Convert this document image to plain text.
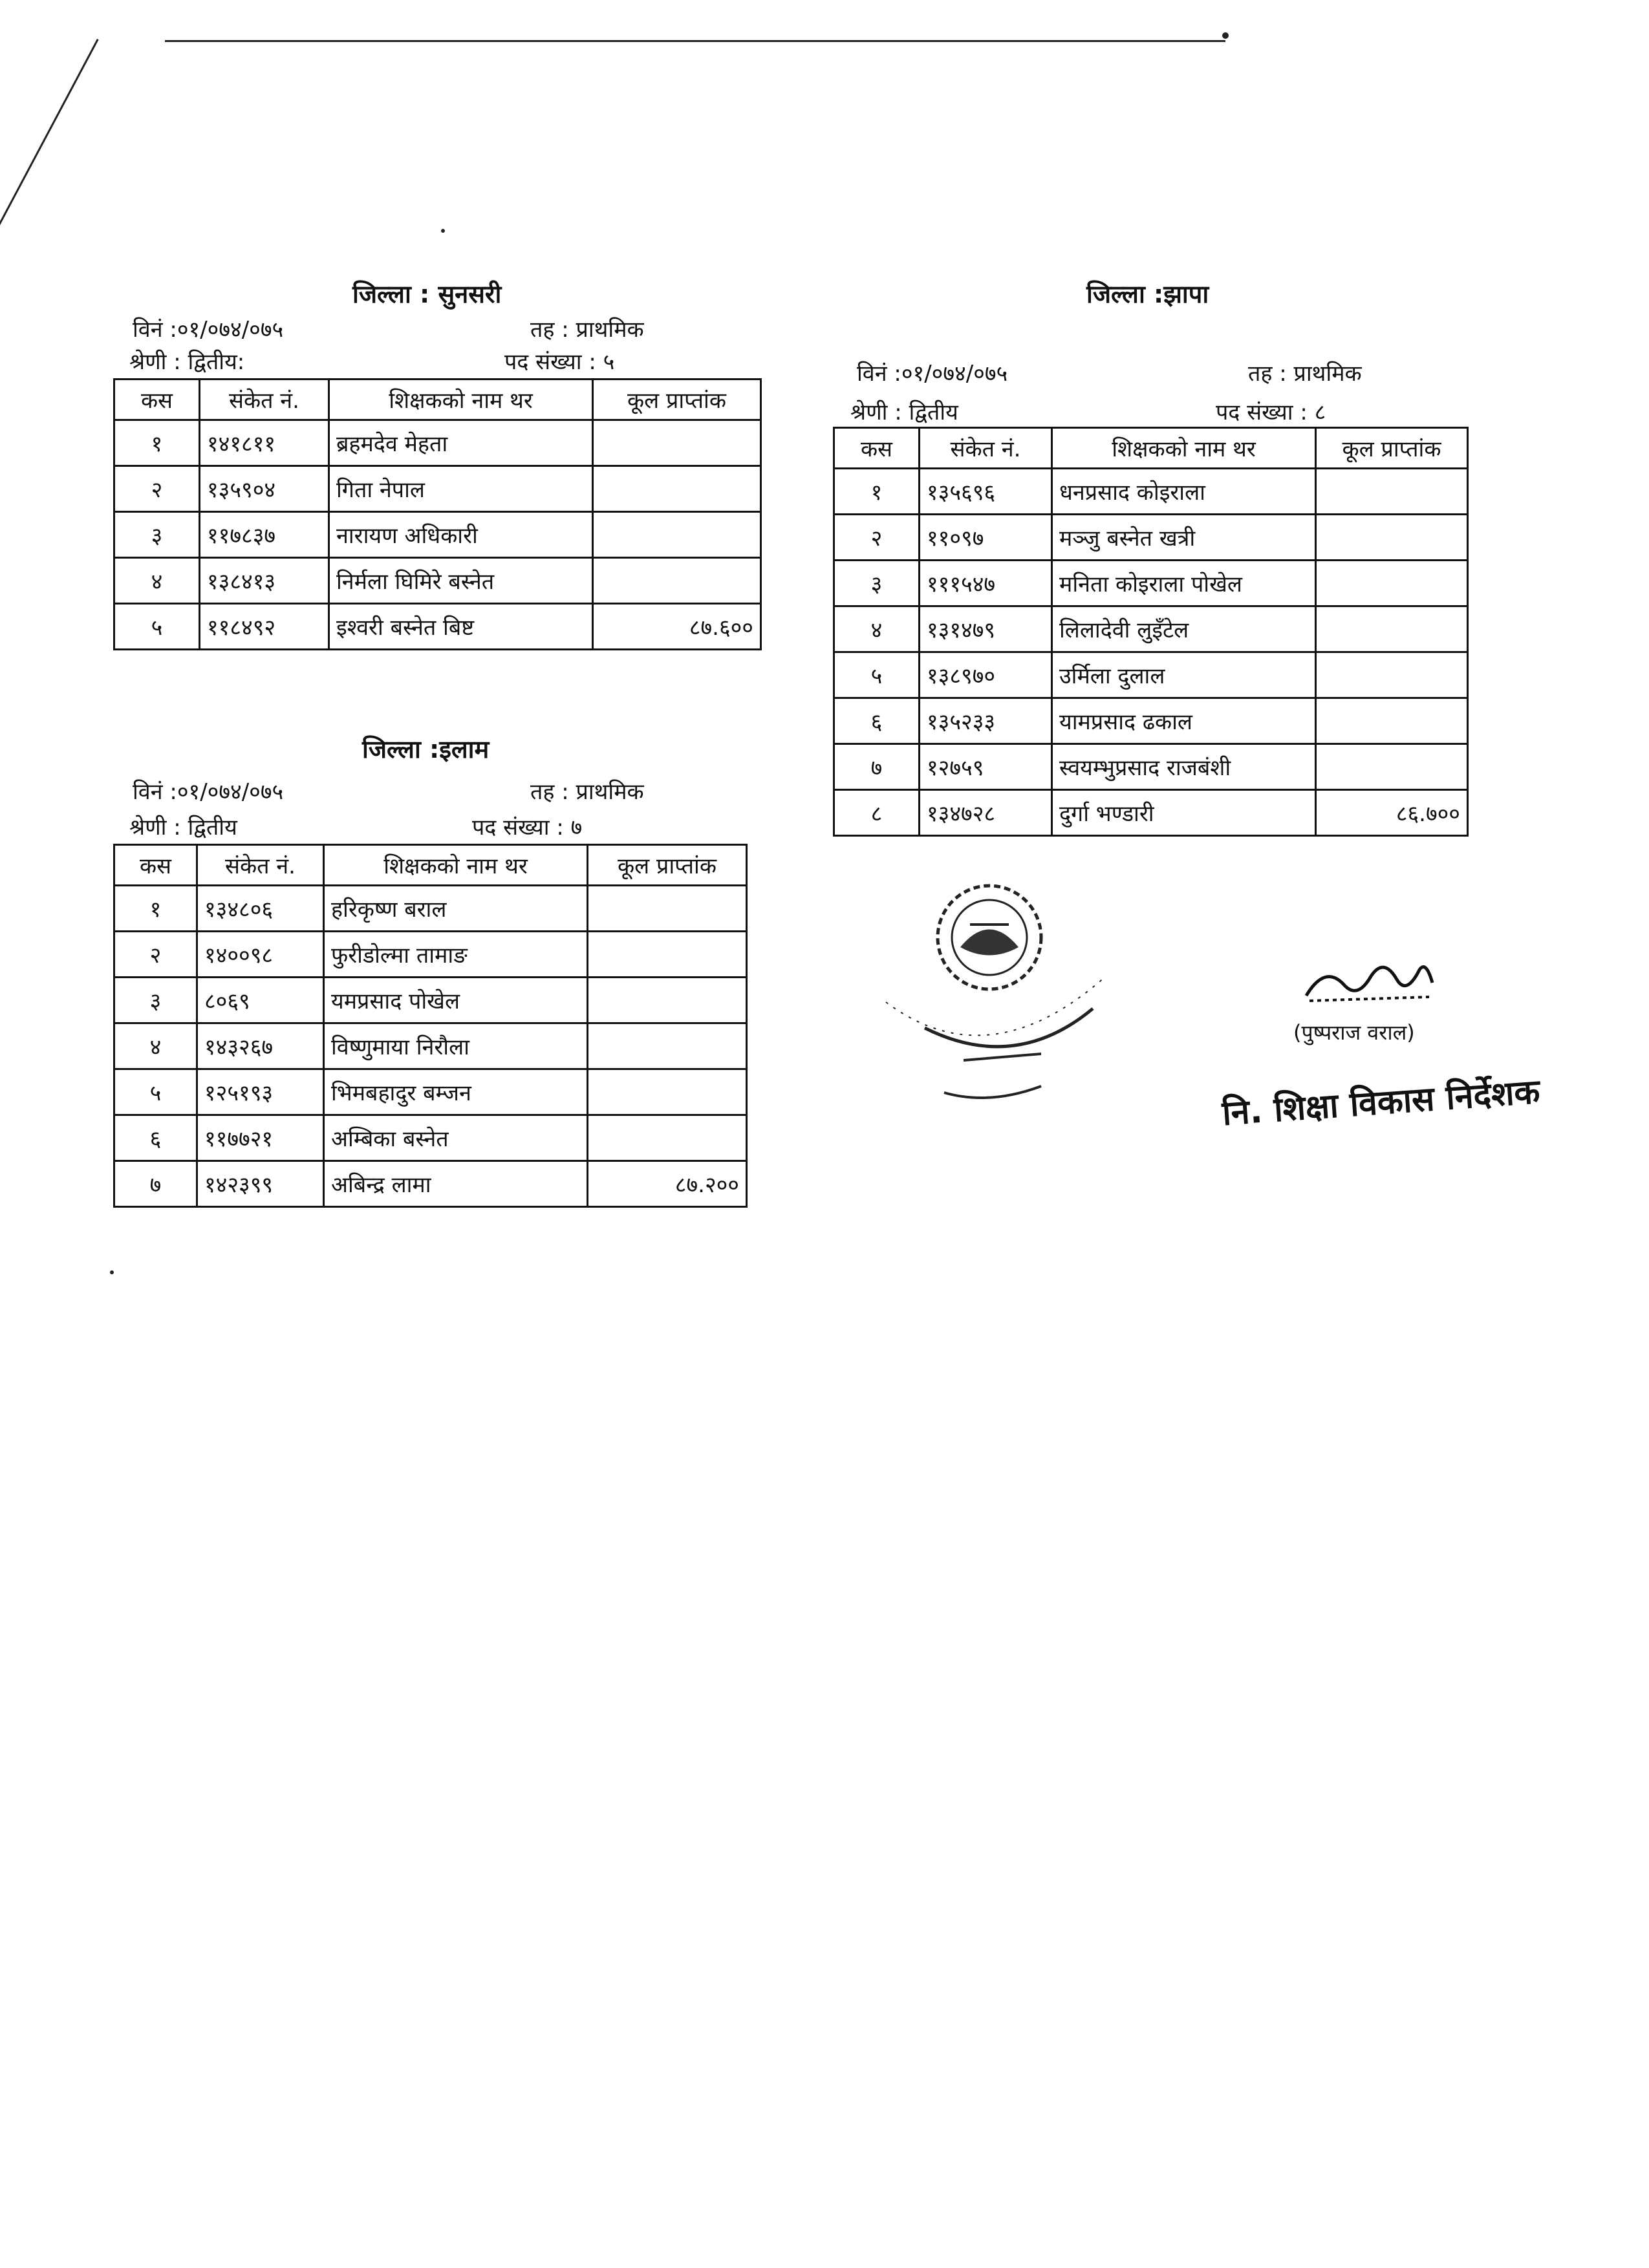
जिल्ला : सुनसरी
विनं :०१/०७४/०७५	तह : प्राथमिक
श्रेणी : द्वितीय:	पद संख्या : ५
कस	संकेत नं.	शिक्षकको नाम थर	कूल प्राप्तांक
१	१४१८११	ब्रहमदेव मेहता	
२	१३५९०४	गिता नेपाल	
३	११७८३७	नारायण अधिकारी	
४	१३८४१३	निर्मला घिमिरे बस्नेत	
५	११८४९२	इश्वरी बस्नेत बिष्ट	८७.६००
जिल्ला :इलाम
विनं :०१/०७४/०७५	तह : प्राथमिक
श्रेणी : द्वितीय	पद संख्या : ७
कस	संकेत नं.	शिक्षकको नाम थर	कूल प्राप्तांक
१	१३४८०६	हरिकृष्ण बराल	
२	१४००९८	फुरीडोल्मा तामाङ	
३	८०६९	यमप्रसाद पोखेल	
४	१४३२६७	विष्णुमाया निरौला	
५	१२५१९३	भिमबहादुर बम्जन	
६	११७७२१	अम्बिका बस्नेत	
७	१४२३९९	अबिन्द्र लामा	८७.२००
जिल्ला :झापा
विनं :०१/०७४/०७५	तह : प्राथमिक
श्रेणी : द्वितीय	पद संख्या : ८
कस	संकेत नं.	शिक्षकको नाम थर	कूल प्राप्तांक
१	१३५६९६	धनप्रसाद कोइराला	
२	११०९७	मञ्जु बस्नेत खत्री	
३	१११५४७	मनिता कोइराला पोखेल	
४	१३१४७९	लिलादेवी लुइँटेल	
५	१३८९७०	उर्मिला दुलाल	
६	१३५२३३	यामप्रसाद ढकाल	
७	१२७५९	स्वयम्भुप्रसाद राजबंशी	
८	१३४७२८	दुर्गा भण्डारी	८६.७००
(पुष्पराज वराल)
नि. शिक्षा विकास निर्देशक
